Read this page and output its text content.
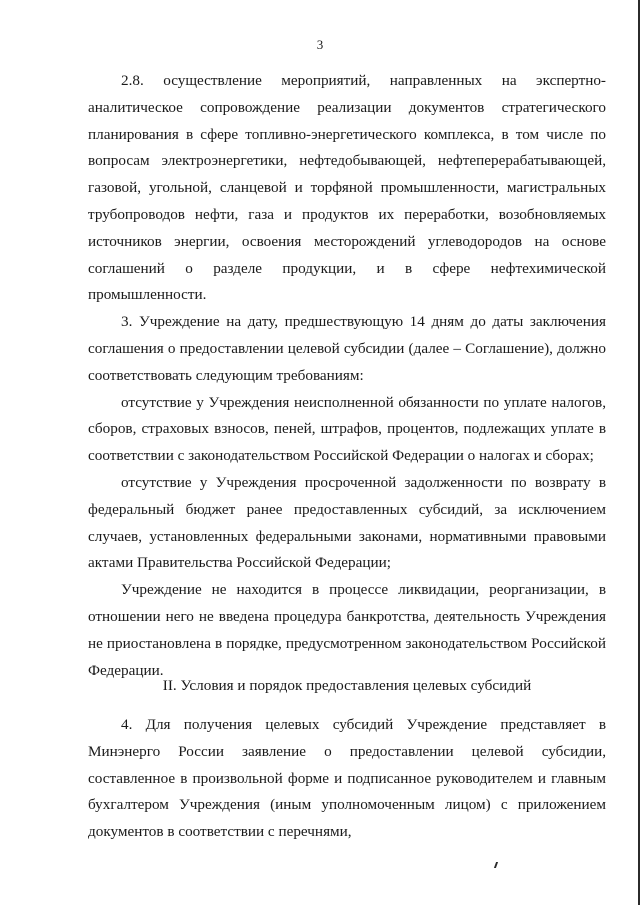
3

2.8. осуществление мероприятий, направленных на экспертно-аналитическое сопровождение реализации документов стратегического планирования в сфере топливно-энергетического комплекса, в том числе по вопросам электроэнергетики, нефтедобывающей, нефтеперерабатывающей, газовой, угольной, сланцевой и торфяной промышленности, магистральных трубопроводов нефти, газа и продуктов их переработки, возобновляемых источников энергии, освоения месторождений углеводородов на основе соглашений о разделе продукции, и в сфере нефтехимической промышленности.

3. Учреждение на дату, предшествующую 14 дням до даты заключения соглашения о предоставлении целевой субсидии (далее – Соглашение), должно соответствовать следующим требованиям:

отсутствие у Учреждения неисполненной обязанности по уплате налогов, сборов, страховых взносов, пеней, штрафов, процентов, подлежащих уплате в соответствии с законодательством Российской Федерации о налогах и сборах;

отсутствие у Учреждения просроченной задолженности по возврату в федеральный бюджет ранее предоставленных субсидий, за исключением случаев, установленных федеральными законами, нормативными правовыми актами Правительства Российской Федерации;

Учреждение не находится в процессе ликвидации, реорганизации, в отношении него не введена процедура банкротства, деятельность Учреждения не приостановлена в порядке, предусмотренном законодательством Российской Федерации.

II. Условия и порядок предоставления целевых субсидий

4. Для получения целевых субсидий Учреждение представляет в Минэнерго России заявление о предоставлении целевой субсидии, составленное в произвольной форме и подписанное руководителем и главным бухгалтером Учреждения (иным уполномоченным лицом) с приложением документов в соответствии с перечнями,
